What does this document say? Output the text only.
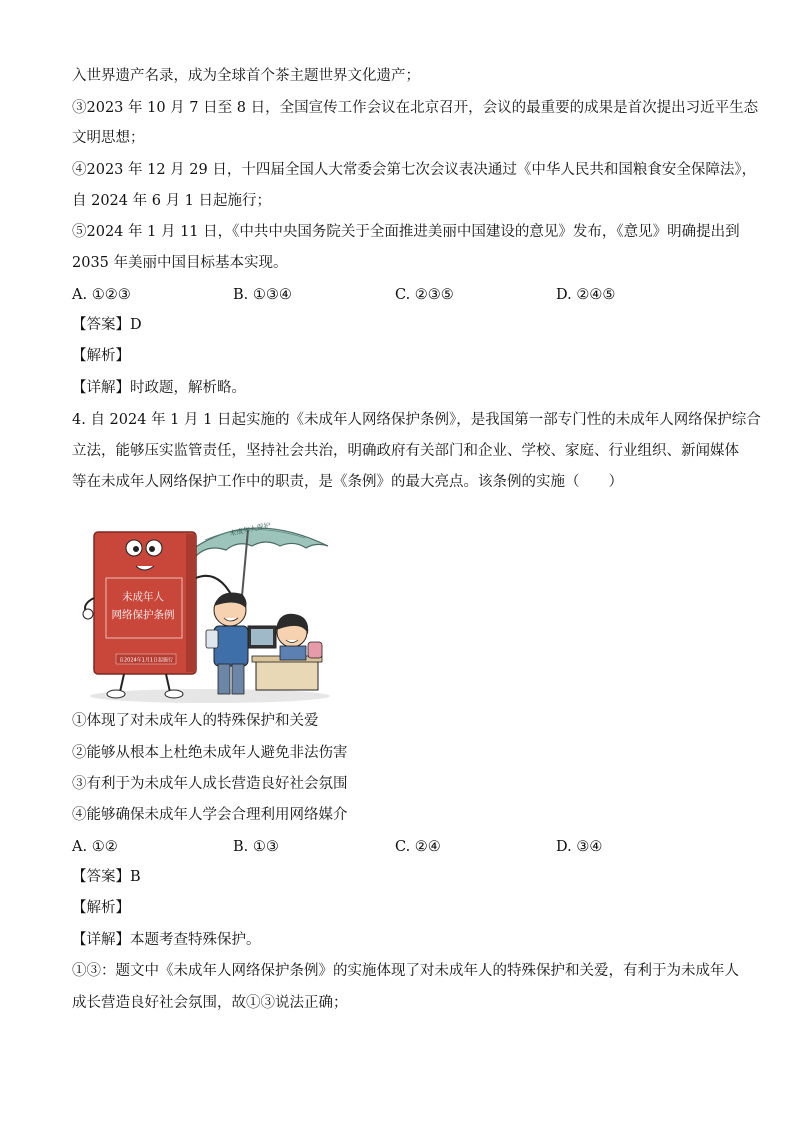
入世界遗产名录，成为全球首个茶主题世界文化遗产；
③2023 年 10 月 7 日至 8 日，全国宣传工作会议在北京召开，会议的最重要的成果是首次提出习近平生态
文明思想；
④2023 年 12 月 29 日，十四届全国人大常委会第七次会议表决通过《中华人民共和国粮食安全保障法》，
自 2024 年 6 月 1 日起施行；
⑤2024 年 1 月 11 日，《中共中央国务院关于全面推进美丽中国建设的意见》发布，《意见》明确提出到
2035 年美丽中国目标基本实现。
A. ①②③	B. ①③④	C. ②③⑤	D. ②④⑤
【答案】D
【解析】
【详解】时政题，解析略。
4. 自 2024 年 1 月 1 日起实施的《未成年人网络保护条例》，是我国第一部专门性的未成年人网络保护综合
立法，能够压实监管责任，坚持社会共治，明确政府有关部门和企业、学校、家庭、行业组织、新闻媒体
等在未成年人网络保护工作中的职责，是《条例》的最大亮点。该条例的实施（　　）
未成年人保护
未成年人
网络保护条例
自2024年1月1日起施行
①体现了对未成年人的特殊保护和关爱
②能够从根本上杜绝未成年人避免非法伤害
③有利于为未成年人成长营造良好社会氛围
④能够确保未成年人学会合理利用网络媒介
A. ①②	B. ①③	C. ②④	D. ③④
【答案】B
【解析】
【详解】本题考查特殊保护。
①③：题文中《未成年人网络保护条例》的实施体现了对未成年人的特殊保护和关爱，有利于为未成年人
成长营造良好社会氛围，故①③说法正确；
